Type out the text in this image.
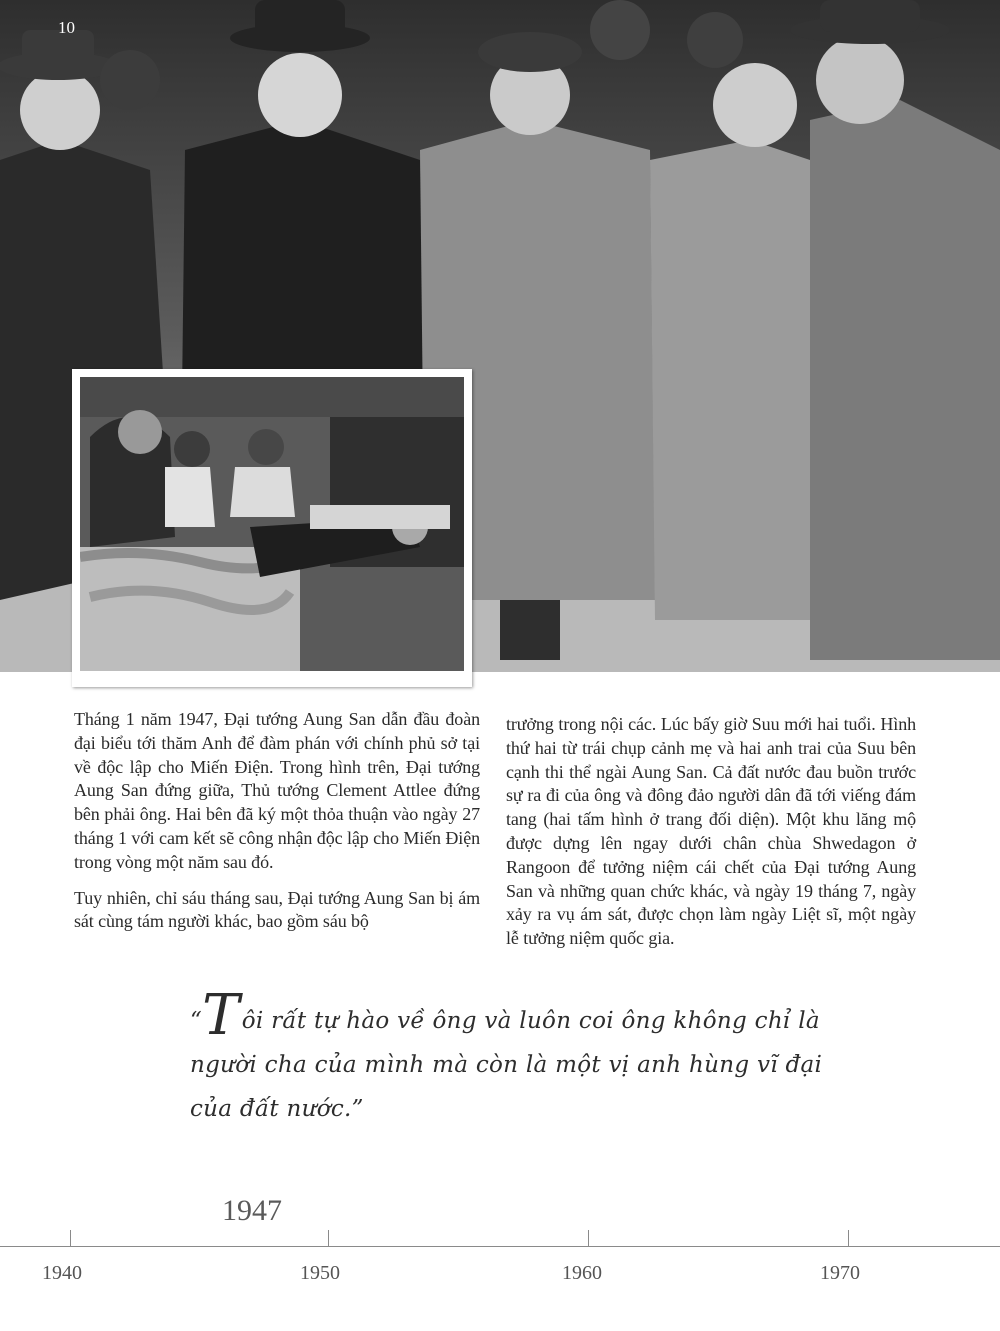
10

Tháng 1 năm 1947, Đại tướng Aung San dẫn đầu đoàn đại biểu tới thăm Anh để đàm phán với chính phủ sở tại về độc lập cho Miến Điện. Trong hình trên, Đại tướng Aung San đứng giữa, Thủ tướng Clement Attlee đứng bên phải ông. Hai bên đã ký một thỏa thuận vào ngày 27 tháng 1 với cam kết sẽ công nhận độc lập cho Miến Điện trong vòng một năm sau đó.

Tuy nhiên, chỉ sáu tháng sau, Đại tướng Aung San bị ám sát cùng tám người khác, bao gồm sáu bộ

trưởng trong nội các. Lúc bấy giờ Suu mới hai tuổi. Hình thứ hai từ trái chụp cảnh mẹ và hai anh trai của Suu bên cạnh thi thể ngài Aung San. Cả đất nước đau buồn trước sự ra đi của ông và đông đảo người dân đã tới viếng đám tang (hai tấm hình ở trang đối diện). Một khu lăng mộ được dựng lên ngay dưới chân chùa Shwedagon ở Rangoon để tưởng niệm cái chết của Đại tướng Aung San và những quan chức khác, và ngày 19 tháng 7, ngày xảy ra vụ ám sát, được chọn làm ngày Liệt sĩ, một ngày lễ tưởng niệm quốc gia.

“Tôi rất tự hào về ông và luôn coi ông không chỉ là người cha của mình mà còn là một vị anh hùng vĩ đại của đất nước.”
1947
1940	1950	1960	1970
